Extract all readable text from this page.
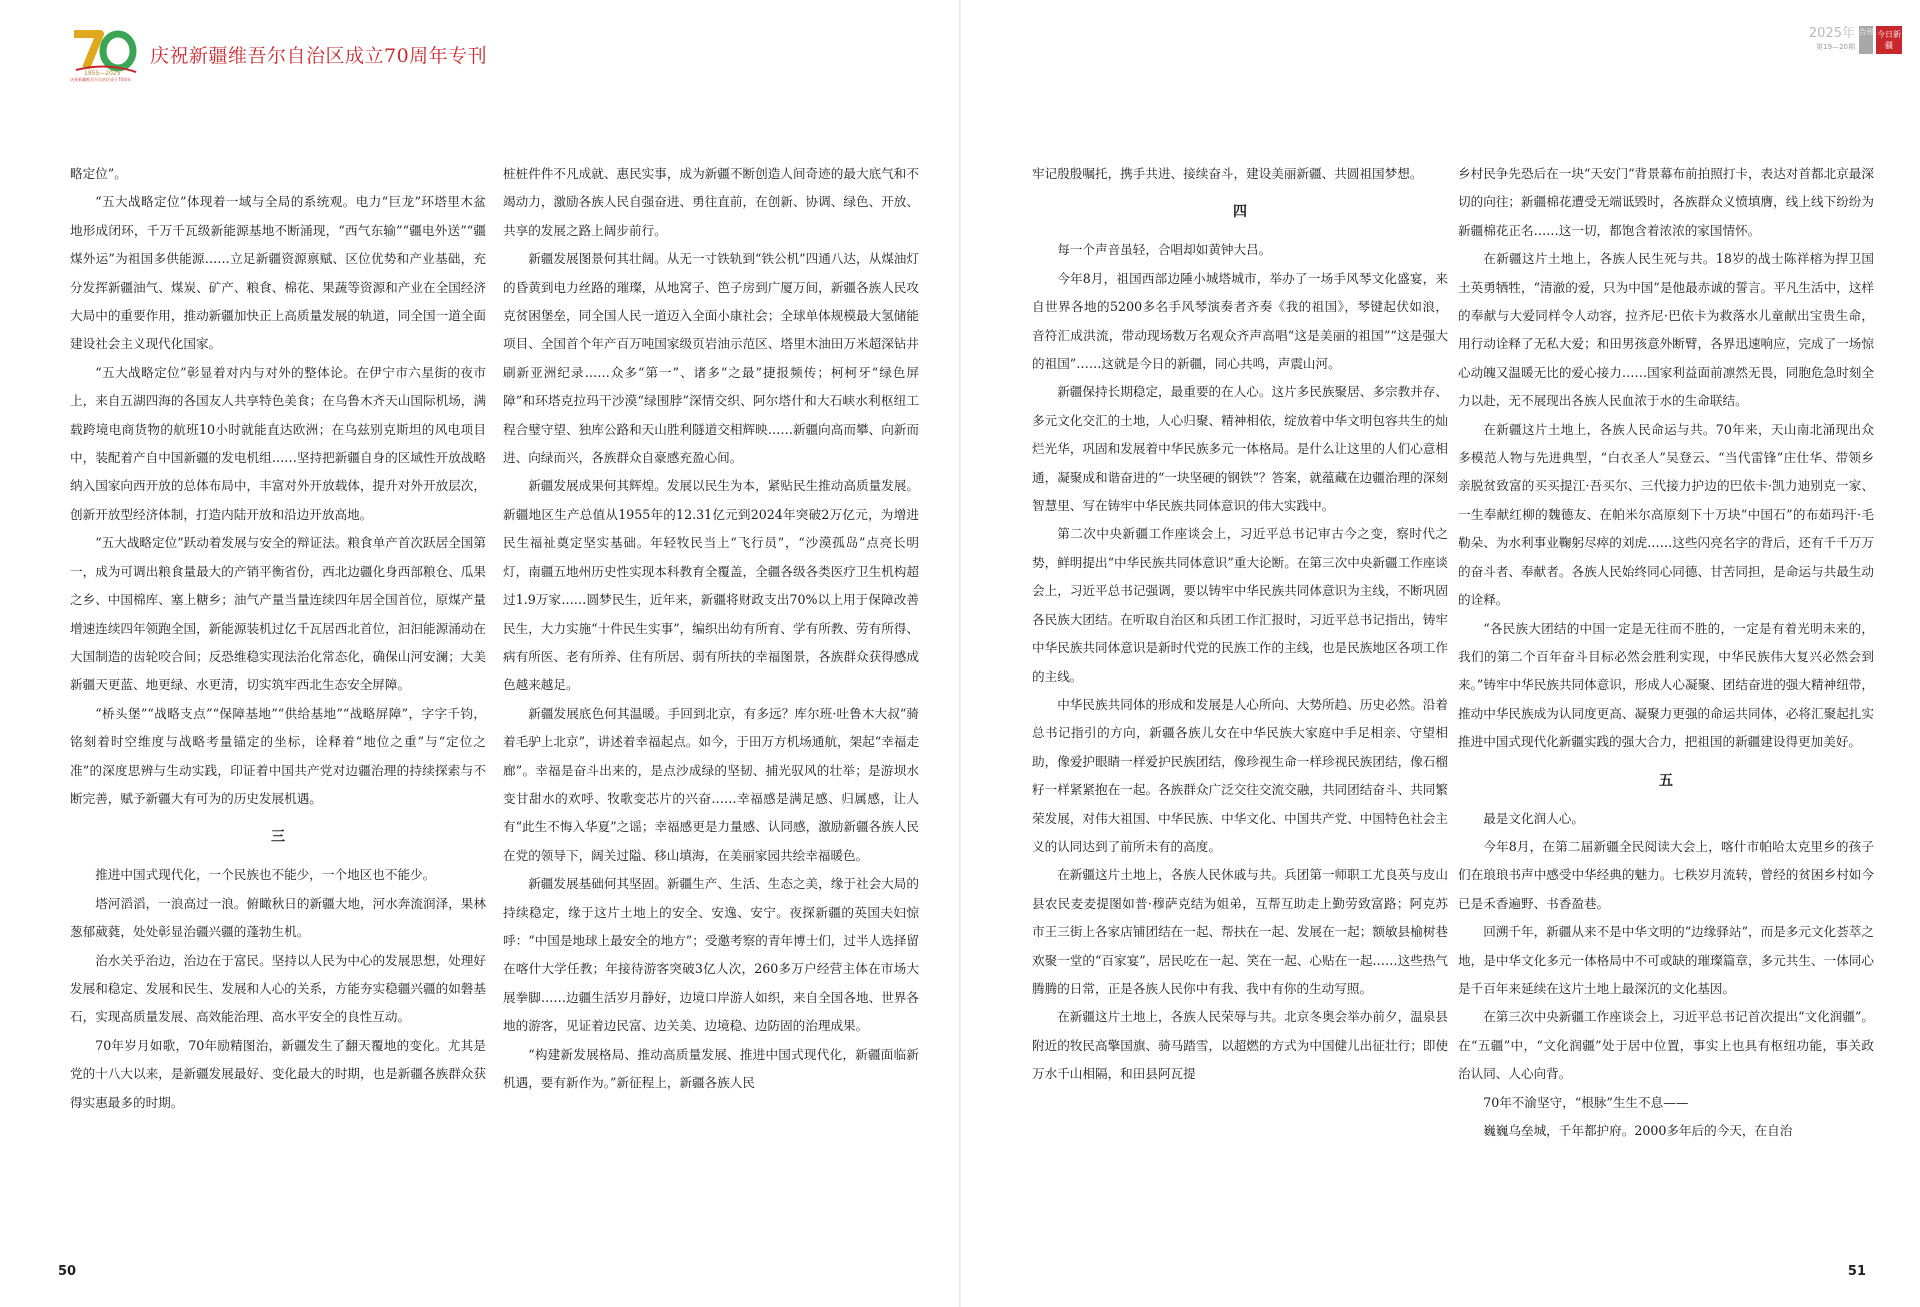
1955—2025
庆祝新疆维吾尔自治区成立70周年
庆祝新疆维吾尔自治区成立70周年专刊
2025年
第19—20期
合刊 今日新疆

略定位”。

“五大战略定位”体现着一域与全局的系统观。电力“巨龙”环塔里木盆地形成闭环，千万千瓦级新能源基地不断涌现，“西气东输”“疆电外送”“疆煤外运”为祖国多供能源……立足新疆资源禀赋、区位优势和产业基础，充分发挥新疆油气、煤炭、矿产、粮食、棉花、果蔬等资源和产业在全国经济大局中的重要作用，推动新疆加快正上高质量发展的轨道，同全国一道全面建设社会主义现代化国家。

“五大战略定位”彰显着对内与对外的整体论。在伊宁市六星街的夜市上，来自五湖四海的各国友人共享特色美食；在乌鲁木齐天山国际机场，满载跨境电商货物的航班10小时就能直达欧洲；在乌兹别克斯坦的风电项目中，装配着产自中国新疆的发电机组……坚持把新疆自身的区域性开放战略纳入国家向西开放的总体布局中，丰富对外开放载体，提升对外开放层次，创新开放型经济体制，打造内陆开放和沿边开放高地。

“五大战略定位”跃动着发展与安全的辩证法。粮食单产首次跃居全国第一，成为可调出粮食量最大的产销平衡省份，西北边疆化身西部粮仓、瓜果之乡、中国棉库、塞上糖乡；油气产量当量连续四年居全国首位，原煤产量增速连续四年领跑全国，新能源装机过亿千瓦居西北首位，汩汩能源涌动在大国制造的齿轮咬合间；反恐维稳实现法治化常态化，确保山河安澜；大美新疆天更蓝、地更绿、水更清，切实筑牢西北生态安全屏障。

“桥头堡”“战略支点”“保障基地”“供给基地”“战略屏障”，字字千钧，铭刻着时空维度与战略考量锚定的坐标，诠释着“地位之重”与“定位之准”的深度思辨与生动实践，印证着中国共产党对边疆治理的持续探索与不断完善，赋予新疆大有可为的历史发展机遇。

三

推进中国式现代化，一个民族也不能少，一个地区也不能少。

塔河滔滔，一浪高过一浪。俯瞰秋日的新疆大地，河水奔流润泽，果林葱郁葳蕤，处处彰显治疆兴疆的蓬勃生机。

治水关乎治边，治边在于富民。坚持以人民为中心的发展思想，处理好发展和稳定、发展和民生、发展和人心的关系，方能夯实稳疆兴疆的如磐基石，实现高质量发展、高效能治理、高水平安全的良性互动。

70年岁月如歌，70年励精图治，新疆发生了翻天覆地的变化。尤其是党的十八大以来，是新疆发展最好、变化最大的时期，也是新疆各族群众获得实惠最多的时期。

桩桩件件不凡成就、惠民实事，成为新疆不断创造人间奇迹的最大底气和不竭动力，激励各族人民自强奋进、勇往直前，在创新、协调、绿色、开放、共享的发展之路上阔步前行。

新疆发展图景何其壮阔。从无一寸铁轨到“铁公机”四通八达，从煤油灯的昏黄到电力丝路的璀璨，从地窝子、笆子房到广厦万间，新疆各族人民攻克贫困堡垒，同全国人民一道迈入全面小康社会；全球单体规模最大氢储能项目、全国首个年产百万吨国家级页岩油示范区、塔里木油田万米超深钻井刷新亚洲纪录……众多“第一”、诸多“之最”捷报频传；柯柯牙“绿色屏障”和环塔克拉玛干沙漠“绿围脖”深情交织、阿尔塔什和大石峡水利枢纽工程合璧守望、独库公路和天山胜利隧道交相辉映……新疆向高而攀、向新而进、向绿而兴，各族群众自豪感充盈心间。

新疆发展成果何其辉煌。发展以民生为本，紧贴民生推动高质量发展。新疆地区生产总值从1955年的12.31亿元到2024年突破2万亿元，为增进民生福祉奠定坚实基础。年轻牧民当上“飞行员”，“沙漠孤岛”点亮长明灯，南疆五地州历史性实现本科教育全覆盖，全疆各级各类医疗卫生机构超过1.9万家……圆梦民生，近年来，新疆将财政支出70%以上用于保障改善民生，大力实施“十件民生实事”，编织出幼有所育、学有所教、劳有所得、病有所医、老有所养、住有所居、弱有所扶的幸福图景，各族群众获得感成色越来越足。

新疆发展底色何其温暖。手回到北京，有多远？库尔班·吐鲁木大叔“骑着毛驴上北京”，讲述着幸福起点。如今，于田万方机场通航，架起“幸福走廊”。幸福是奋斗出来的，是点沙成绿的坚韧、捕光驭风的壮举；是游坝水变甘甜水的欢呼、牧歌变芯片的兴奋……幸福感是满足感、归属感，让人有“此生不悔入华夏”之谣；幸福感更是力量感、认同感，激励新疆各族人民在党的领导下，阔关过隘、移山填海，在美丽家园共绘幸福暖色。

新疆发展基础何其坚固。新疆生产、生活、生态之美，缘于社会大局的持续稳定，缘于这片土地上的安全、安逸、安宁。夜探新疆的英国夫妇惊呼：“中国是地球上最安全的地方”；受邀考察的青年博士们，过半人选择留在喀什大学任教；年接待游客突破3亿人次，260多万户经营主体在市场大展拳脚……边疆生活岁月静好，边境口岸游人如织，来自全国各地、世界各地的游客，见证着边民富、边关美、边境稳、边防固的治理成果。

“构建新发展格局、推动高质量发展、推进中国式现代化，新疆面临新机遇，要有新作为。”新征程上，新疆各族人民

牢记殷殷嘱托，携手共进、接续奋斗，建设美丽新疆、共圆祖国梦想。

四

每一个声音虽轻，合唱却如黄钟大吕。

今年8月，祖国西部边陲小城塔城市，举办了一场手风琴文化盛宴，来自世界各地的5200多名手风琴演奏者齐奏《我的祖国》，琴键起伏如浪，音符汇成洪流，带动现场数万名观众齐声高唱“这是美丽的祖国”“这是强大的祖国”……这就是今日的新疆，同心共鸣，声震山河。

新疆保持长期稳定，最重要的在人心。这片多民族聚居、多宗教并存、多元文化交汇的土地，人心归聚、精神相依，绽放着中华文明包容共生的灿烂光华，巩固和发展着中华民族多元一体格局。是什么让这里的人们心意相通，凝聚成和谐奋进的“一块坚硬的钢铁”？答案，就蕴藏在边疆治理的深刻智慧里、写在铸牢中华民族共同体意识的伟大实践中。

第二次中央新疆工作座谈会上，习近平总书记审古今之变，察时代之势，鲜明提出“中华民族共同体意识”重大论断。在第三次中央新疆工作座谈会上，习近平总书记强调，要以铸牢中华民族共同体意识为主线，不断巩固各民族大团结。在听取自治区和兵团工作汇报时，习近平总书记指出，铸牢中华民族共同体意识是新时代党的民族工作的主线，也是民族地区各项工作的主线。

中华民族共同体的形成和发展是人心所向、大势所趋、历史必然。沿着总书记指引的方向，新疆各族儿女在中华民族大家庭中手足相亲、守望相助，像爱护眼睛一样爱护民族团结，像珍视生命一样珍视民族团结，像石榴籽一样紧紧抱在一起。各族群众广泛交往交流交融，共同团结奋斗、共同繁荣发展，对伟大祖国、中华民族、中华文化、中国共产党、中国特色社会主义的认同达到了前所未有的高度。

在新疆这片土地上，各族人民休戚与共。兵团第一师职工尤良英与皮山县农民麦麦提图如普·穆萨克结为姐弟，互帮互助走上勤劳致富路；阿克苏市王三街上各家店铺团结在一起、帮扶在一起、发展在一起；额敏县榆树巷欢聚一堂的“百家宴”，居民吃在一起、笑在一起、心贴在一起……这些热气腾腾的日常，正是各族人民你中有我、我中有你的生动写照。

在新疆这片土地上，各族人民荣辱与共。北京冬奥会举办前夕，温泉县附近的牧民高擎国旗、骑马踏雪，以超燃的方式为中国健儿出征壮行；即使万水千山相隔，和田县阿瓦提

乡村民争先恐后在一块“天安门”背景幕布前拍照打卡，表达对首都北京最深切的向往；新疆棉花遭受无端诋毁时，各族群众义愤填膺，线上线下纷纷为新疆棉花正名……这一切，都饱含着浓浓的家国情怀。

在新疆这片土地上，各族人民生死与共。18岁的战士陈祥榕为捍卫国土英勇牺牲，“清澈的爱，只为中国”是他最赤诚的誓言。平凡生活中，这样的奉献与大爱同样令人动容，拉齐尼·巴依卡为救落水儿童献出宝贵生命，用行动诠释了无私大爱；和田男孩意外断臂，各界迅速响应，完成了一场惊心动魄又温暖无比的爱心接力……国家利益面前凛然无畏，同胞危急时刻全力以赴，无不展现出各族人民血浓于水的生命联结。

在新疆这片土地上，各族人民命运与共。70年来，天山南北涌现出众多模范人物与先进典型，“白衣圣人”吴登云、“当代雷锋”庄仕华、带领乡亲脱贫致富的买买提江·吾买尔、三代接力护边的巴依卡·凯力迪别克一家、一生奉献红柳的魏德友、在帕米尔高原刻下十万块“中国石”的布茹玛汗·毛勒朵、为水利事业鞠躬尽瘁的刘虎……这些闪亮名字的背后，还有千千万万的奋斗者、奉献者。各族人民始终同心同德、甘苦同担，是命运与共最生动的诠释。

“各民族大团结的中国一定是无往而不胜的，一定是有着光明未来的，我们的第二个百年奋斗目标必然会胜利实现，中华民族伟大复兴必然会到来。”铸牢中华民族共同体意识，形成人心凝聚、团结奋进的强大精神纽带，推动中华民族成为认同度更高、凝聚力更强的命运共同体，必将汇聚起扎实推进中国式现代化新疆实践的强大合力，把祖国的新疆建设得更加美好。

五

最是文化润人心。

今年8月，在第二届新疆全民阅读大会上，喀什市帕哈太克里乡的孩子们在琅琅书声中感受中华经典的魅力。七秩岁月流转，曾经的贫困乡村如今已是禾香遍野、书香盈巷。

回溯千年，新疆从来不是中华文明的“边缘驿站”，而是多元文化荟萃之地，是中华文化多元一体格局中不可或缺的璀璨篇章，多元共生、一体同心是千百年来延续在这片土地上最深沉的文化基因。

在第三次中央新疆工作座谈会上，习近平总书记首次提出“文化润疆”。在“五疆”中，“文化润疆”处于居中位置，事实上也具有枢纽功能，事关政治认同、人心向背。

70年不渝坚守，“根脉”生生不息——

巍巍乌垒城，千年都护府。2000多年后的今天，在自治

50	51
